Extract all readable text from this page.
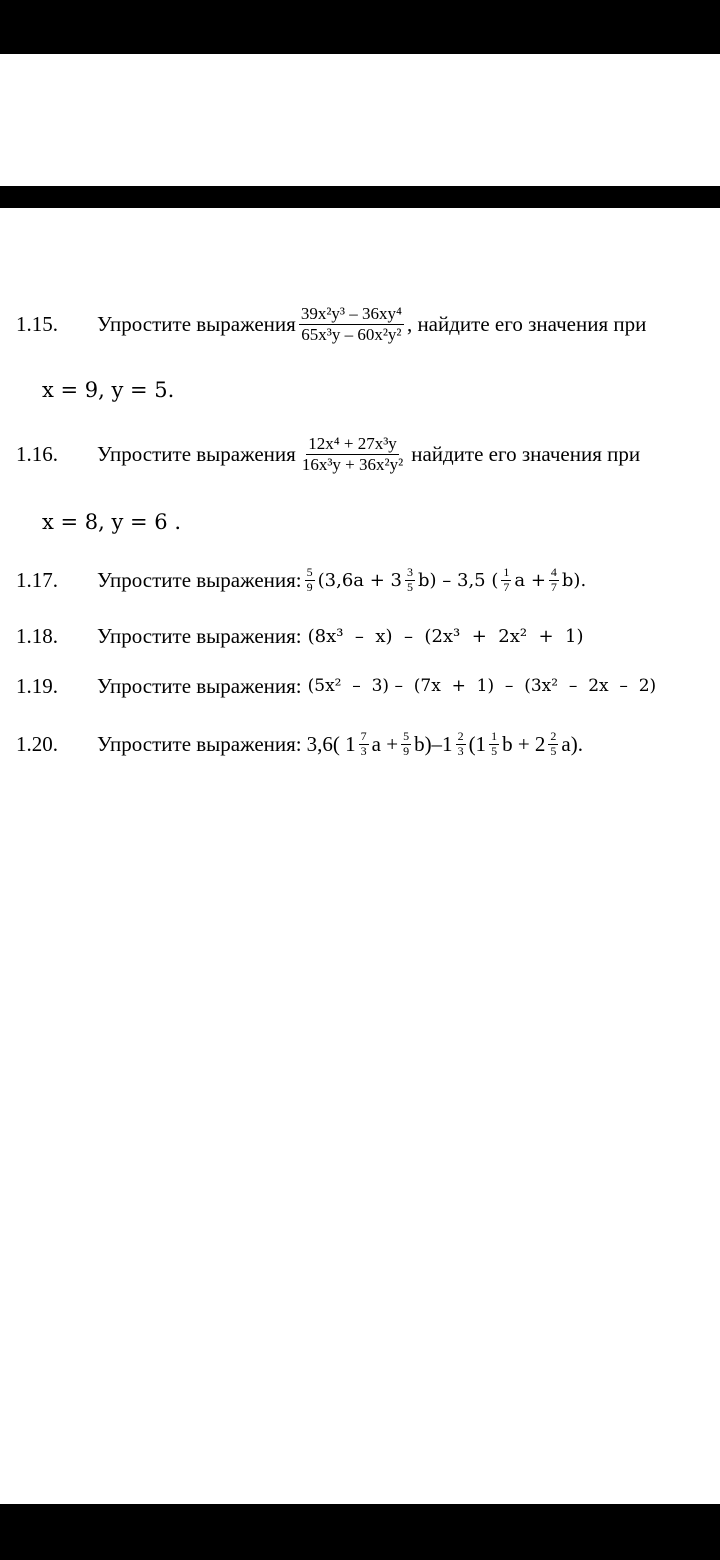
1.15. Упростите выражения $\frac{\text{39x²y³ – 36xy⁴}}{\text{65x³y – 60x²y²}}$ , найдите его значения при
x = 9, y = 5.
1.16. Упростите выражения $\frac{\text{12x⁴ + 27x³y}}{\text{16x³y + 36x²y²}}$ найдите его значения при
x = 8, y = 6 .
1.17. Упростите выражения: $\frac{5}{9} (3,6a + 3 \frac{3}{5} b) - 3,5$ ( $\frac{1}{7}$ $a + \frac{4}{7} b$).
1.18. Упростите выражения: (8x³  –  x)  –  (2x³  +  2x²  +  1)
1.19. Упростите выражения: (5x²  –  3) –  (7x  +  1)  –  (3x²  –  2x  –  2)
1.20. Упростите выражения: 3,6( $1 \frac{7}{3}$ $a + \frac{5}{9} b)-1 \frac{2}{3} (1 \frac{1}{5}$ $b + 2 \frac{2}{5} a$).
